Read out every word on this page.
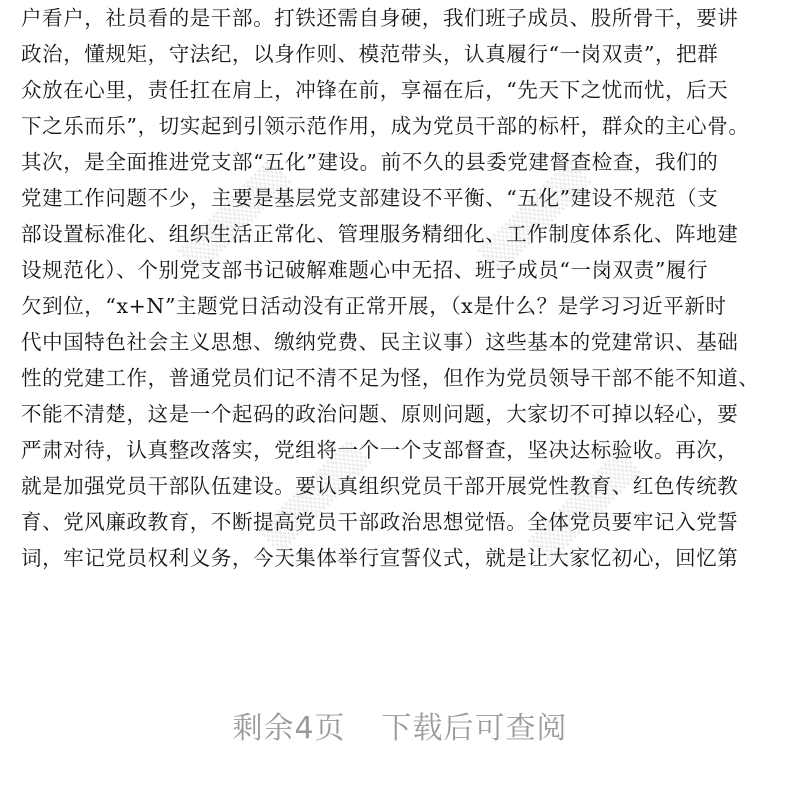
▒▒▒▒▒▒	▒▒▒▒▒▒
▒▒▒▒▒▒	▒▒▒▒▒▒
户看户，社员看的是干部。打铁还需自身硬，我们班子成员、股所骨干，要讲
政治，懂规矩，守法纪，以身作则、模范带头，认真履行“一岗双责”，把群
众放在心里，责任扛在肩上，冲锋在前，享福在后，“先天下之忧而忧，后天
下之乐而乐”，切实起到引领示范作用，成为党员干部的标杆，群众的主心骨。
其次，是全面推进党支部“五化”建设。前不久的县委党建督查检查，我们的
党建工作问题不少，主要是基层党支部建设不平衡、“五化”建设不规范（支
部设置标准化、组织生活正常化、管理服务精细化、工作制度体系化、阵地建
设规范化）、个别党支部书记破解难题心中无招、班子成员“一岗双责”履行
欠到位，“x+N”主题党日活动没有正常开展，（x是什么？是学习习近平新时
代中国特色社会主义思想、缴纳党费、民主议事）这些基本的党建常识、基础
性的党建工作，普通党员们记不清不足为怪，但作为党员领导干部不能不知道、
不能不清楚，这是一个起码的政治问题、原则问题，大家切不可掉以轻心，要
严肃对待，认真整改落实，党组将一个一个支部督查，坚决达标验收。再次，
就是加强党员干部队伍建设。要认真组织党员干部开展党性教育、红色传统教
育、党风廉政教育，不断提高党员干部政治思想觉悟。全体党员要牢记入党誓
词，牢记党员权利义务，今天集体举行宣誓仪式，就是让大家忆初心，回忆第
剩余4页 下载后可查阅
